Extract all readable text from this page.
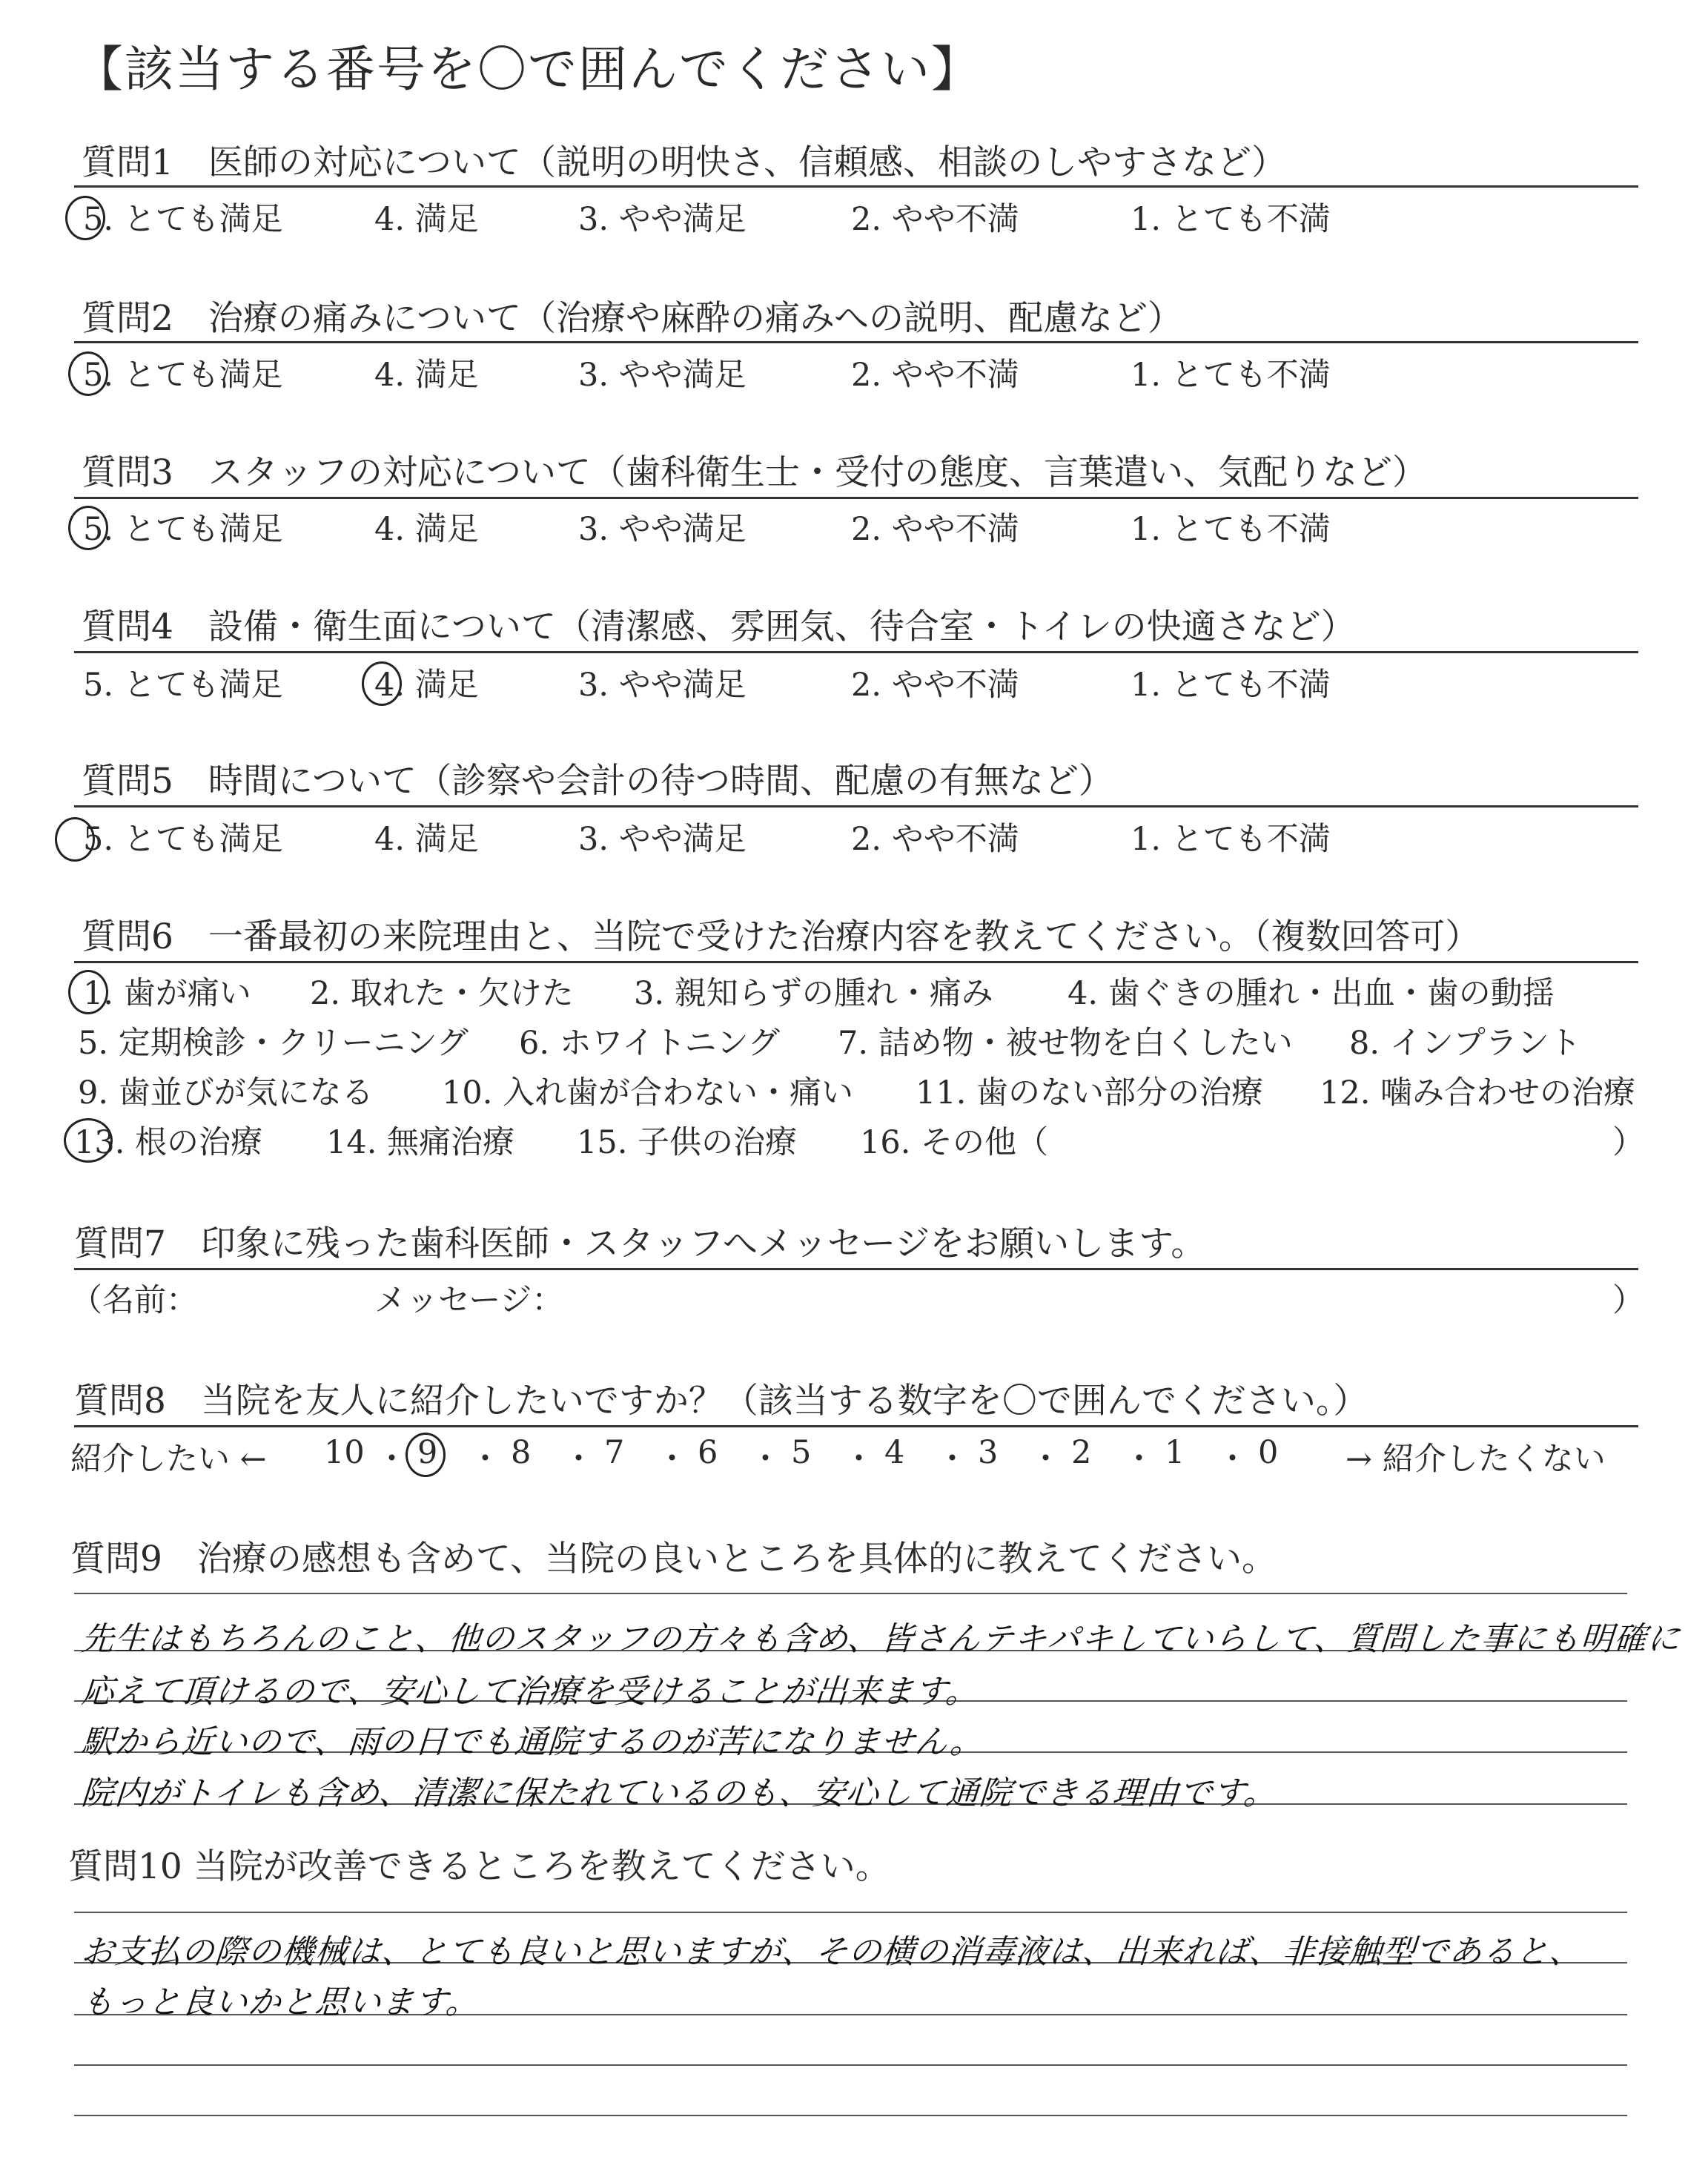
【該当する番号を〇で囲んでください】
質問1　医師の対応について（説明の明快さ、信頼感、相談のしやすさなど）
5. とても満足	4. 満足	3. やや満足	2. やや不満	1. とても不満
質問2　治療の痛みについて（治療や麻酔の痛みへの説明、配慮など）
5. とても満足	4. 満足	3. やや満足	2. やや不満	1. とても不満
質問3　スタッフの対応について（歯科衛生士・受付の態度、言葉遣い、気配りなど）
5. とても満足	4. 満足	3. やや満足	2. やや不満	1. とても不満
質問4　設備・衛生面について（清潔感、雰囲気、待合室・トイレの快適さなど）
5. とても満足	4. 満足	3. やや満足	2. やや不満	1. とても不満
質問5　時間について（診察や会計の待つ時間、配慮の有無など）
5. とても満足	4. 満足	3. やや満足	2. やや不満	1. とても不満
質問6　一番最初の来院理由と、当院で受けた治療内容を教えてください。（複数回答可）
1. 歯が痛い 2. 取れた・欠けた 3. 親知らずの腫れ・痛み 4. 歯ぐきの腫れ・出血・歯の動揺
5. 定期検診・クリーニング 6. ホワイトニング 7. 詰め物・被せ物を白くしたい 8. インプラント
9. 歯並びが気になる 10. 入れ歯が合わない・痛い 11. 歯のない部分の治療 12. 噛み合わせの治療
13. 根の治療 14. 無痛治療 15. 子供の治療 16. その他（	）
質問7　印象に残った歯科医師・スタッフへメッセージをお願いします。
（名前：	メッセージ：	）
質問8　当院を友人に紹介したいですか？（該当する数字を〇で囲んでください。）
紹介したい ← 10 ・ 9 ・ 8 ・ 7 ・ 6 ・ 5 ・ 4 ・ 3 ・ 2 ・ 1 ・ 0 → 紹介したくない
質問9　治療の感想も含めて、当院の良いところを具体的に教えてください。
先生はもちろんのこと、他のスタッフの方々も含め、皆さんテキパキしていらして、質問した事にも明確に
応えて頂けるので、安心して治療を受けることが出来ます。
駅から近いので、雨の日でも通院するのが苦になりません。
院内がトイレも含め、清潔に保たれているのも、安心して通院できる理由です。
質問10 当院が改善できるところを教えてください。
お支払の際の機械は、とても良いと思いますが、その横の消毒液は、出来れば、非接触型であると、
もっと良いかと思います。
